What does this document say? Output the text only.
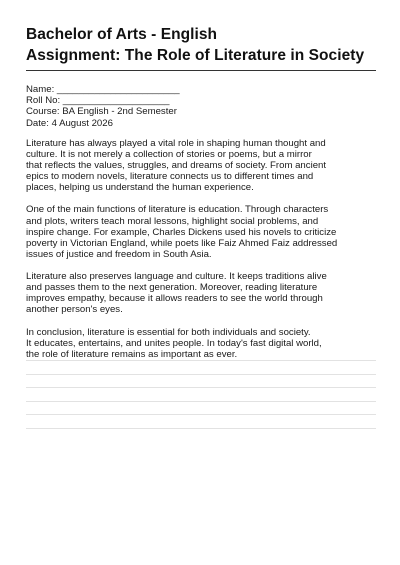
Bachelor of Arts - English
Assignment: The Role of Literature in Society
Name: _______________________
Roll No: ____________________
Course: BA English - 2nd Semester
Date: 4 August 2026

Literature has always played a vital role in shaping human thought and
culture. It is not merely a collection of stories or poems, but a mirror
that reflects the values, struggles, and dreams of society. From ancient
epics to modern novels, literature connects us to different times and
places, helping us understand the human experience.

One of the main functions of literature is education. Through characters
and plots, writers teach moral lessons, highlight social problems, and
inspire change. For example, Charles Dickens used his novels to criticize
poverty in Victorian England, while poets like Faiz Ahmed Faiz addressed
issues of justice and freedom in South Asia.

Literature also preserves language and culture. It keeps traditions alive
and passes them to the next generation. Moreover, reading literature
improves empathy, because it allows readers to see the world through
another person's eyes.

In conclusion, literature is essential for both individuals and society.
It educates, entertains, and unites people. In today's fast digital world,
the role of literature remains as important as ever.
